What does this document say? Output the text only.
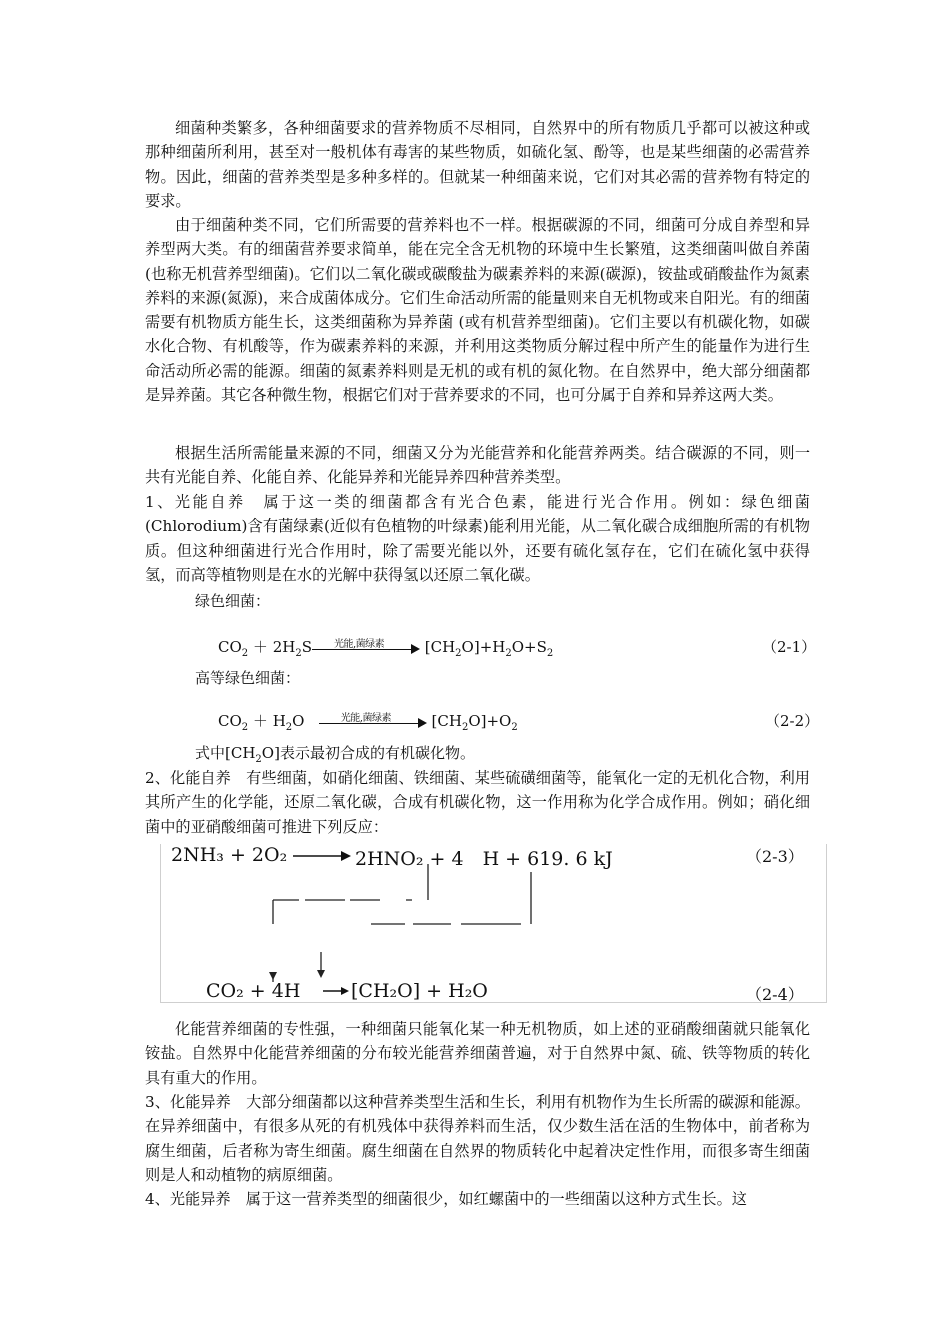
细菌种类繁多，各种细菌要求的营养物质不尽相同，自然界中的所有物质几乎都可以被这种或那种细菌所利用，甚至对一般机体有毒害的某些物质，如硫化氢、酚等，也是某些细菌的必需营养物。因此，细菌的营养类型是多种多样的。但就某一种细菌来说，它们对其必需的营养物有特定的要求。

由于细菌种类不同，它们所需要的营养料也不一样。根据碳源的不同，细菌可分成自养型和异养型两大类。有的细菌营养要求简单，能在完全含无机物的环境中生长繁殖，这类细菌叫做自养菌(也称无机营养型细菌)。它们以二氧化碳或碳酸盐为碳素养料的来源(碳源)，铵盐或硝酸盐作为氮素养料的来源(氮源)，来合成菌体成分。它们生命活动所需的能量则来自无机物或来自阳光。有的细菌需要有机物质方能生长，这类细菌称为异养菌 (或有机营养型细菌)。它们主要以有机碳化物，如碳水化合物、有机酸等，作为碳素养料的来源，并利用这类物质分解过程中所产生的能量作为进行生命活动所必需的能源。细菌的氮素养料则是无机的或有机的氮化物。在自然界中，绝大部分细菌都是异养菌。其它各种微生物，根据它们对于营养要求的不同，也可分属于自养和异养这两大类。

根据生活所需能量来源的不同，细菌又分为光能营养和化能营养两类。结合碳源的不同，则一共有光能自养、化能自养、化能异养和光能异养四种营养类型。

1、光能自养　属于这一类的细菌都含有光合色素，能进行光合作用。例如：绿色细菌(Chlorodium)含有菌绿素(近似有色植物的叶绿素)能利用光能，从二氧化碳合成细胞所需的有机物质。但这种细菌进行光合作用时，除了需要光能以外，还要有硫化氢存在，它们在硫化氢中获得氢，而高等植物则是在水的光解中获得氢以还原二氧化碳。

绿色细菌：
$CO_2 + 2H_2S$ 光能,菌绿素 $[CH_2O]+H_2O+S_2$	（2-1）
高等绿色细菌：
$CO_2 + H_2O$ 光能,菌绿素 $[CH_2O]+O_2$	（2-2）
式中$[CH_2O]$表示最初合成的有机碳化物。

2、化能自养　有些细菌，如硝化细菌、铁细菌、某些硫磺细菌等，能氧化一定的无机化合物，利用其所产生的化学能，还原二氧化碳，合成有机碳化物，这一作用称为化学合成作用。例如；硝化细菌中的亚硝酸细菌可推进下列反应：

2NH₃ + 2O₂ → 2HNO₂ + 4　H + 619. 6 kJ	（2-3）
CO₂ + 4H → [CH₂O] + H₂O	（2-4）

化能营养细菌的专性强，一种细菌只能氧化某一种无机物质，如上述的亚硝酸细菌就只能氧化铵盐。自然界中化能营养细菌的分布较光能营养细菌普遍，对于自然界中氮、硫、铁等物质的转化具有重大的作用。

3、化能异养　大部分细菌都以这种营养类型生活和生长，利用有机物作为生长所需的碳源和能源。在异养细菌中，有很多从死的有机残体中获得养料而生活，仅少数生活在活的生物体中，前者称为腐生细菌，后者称为寄生细菌。腐生细菌在自然界的物质转化中起着决定性作用，而很多寄生细菌则是人和动植物的病原细菌。

4、光能异养　属于这一营养类型的细菌很少，如红螺菌中的一些细菌以这种方式生长。这
